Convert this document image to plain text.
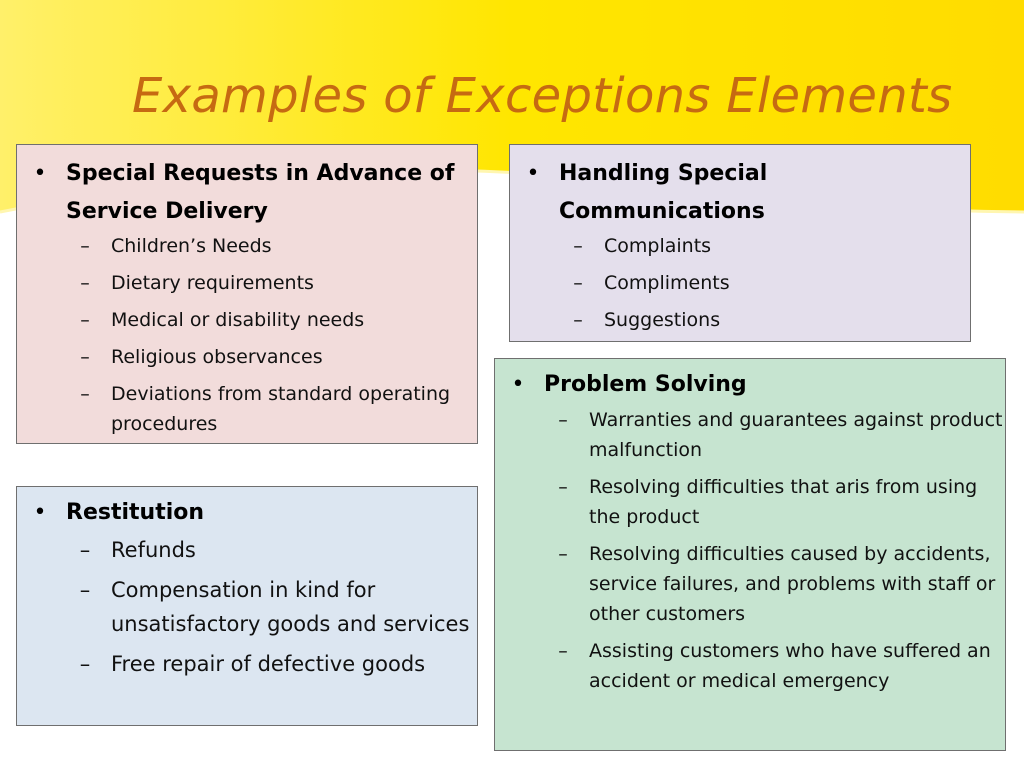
Examples of Exceptions Elements
• Special Requests in Advance of Service Delivery
– Children’s Needs
– Dietary requirements
– Medical or disability needs
– Religious observances
– Deviations from standard operating procedures
• Handling Special Communications
– Complaints
– Compliments
– Suggestions
• Problem Solving
– Warranties and guarantees against product malfunction
– Resolving difficulties that aris from using the product
– Resolving difficulties caused by accidents, service failures, and problems with staff or other customers
– Assisting customers who have suffered an accident or medical emergency
• Restitution
– Refunds
– Compensation in kind for unsatisfactory goods and services
– Free repair of defective goods
